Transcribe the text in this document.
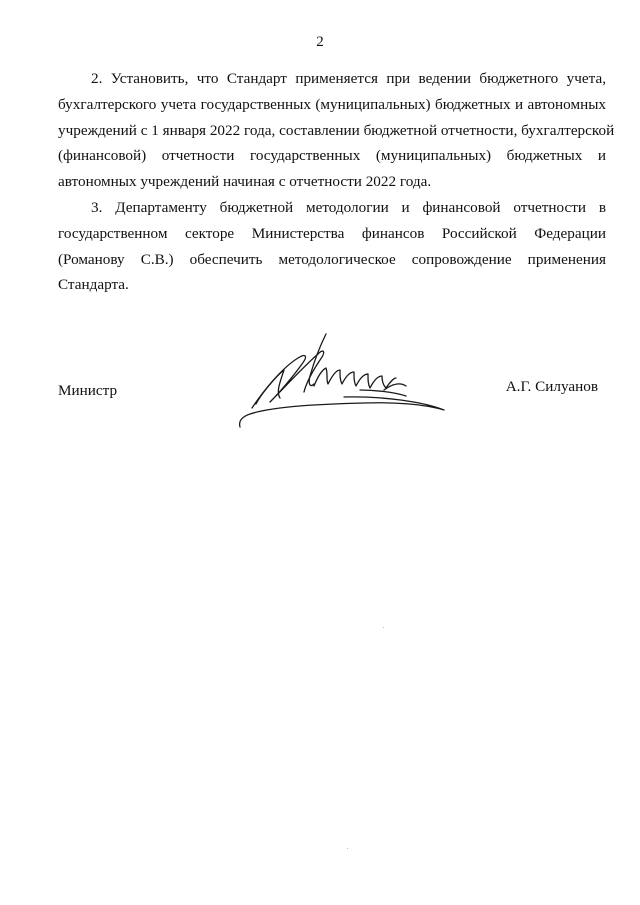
2

2. Установить, что Стандарт применяется при ведении бюджетного учета,
бухгалтерского учета государственных (муниципальных) бюджетных и автономных
учреждений с 1 января 2022 года, составлении бюджетной отчетности, бухгалтерской
(финансовой) отчетности государственных (муниципальных) бюджетных и
автономных учреждений начиная с отчетности 2022 года.

3. Департаменту бюджетной методологии и финансовой отчетности в
государственном секторе Министерства финансов Российской Федерации
(Романову С.В.) обеспечить методологическое сопровождение применения
Стандарта.

Министр	А.Г. Силуанов
